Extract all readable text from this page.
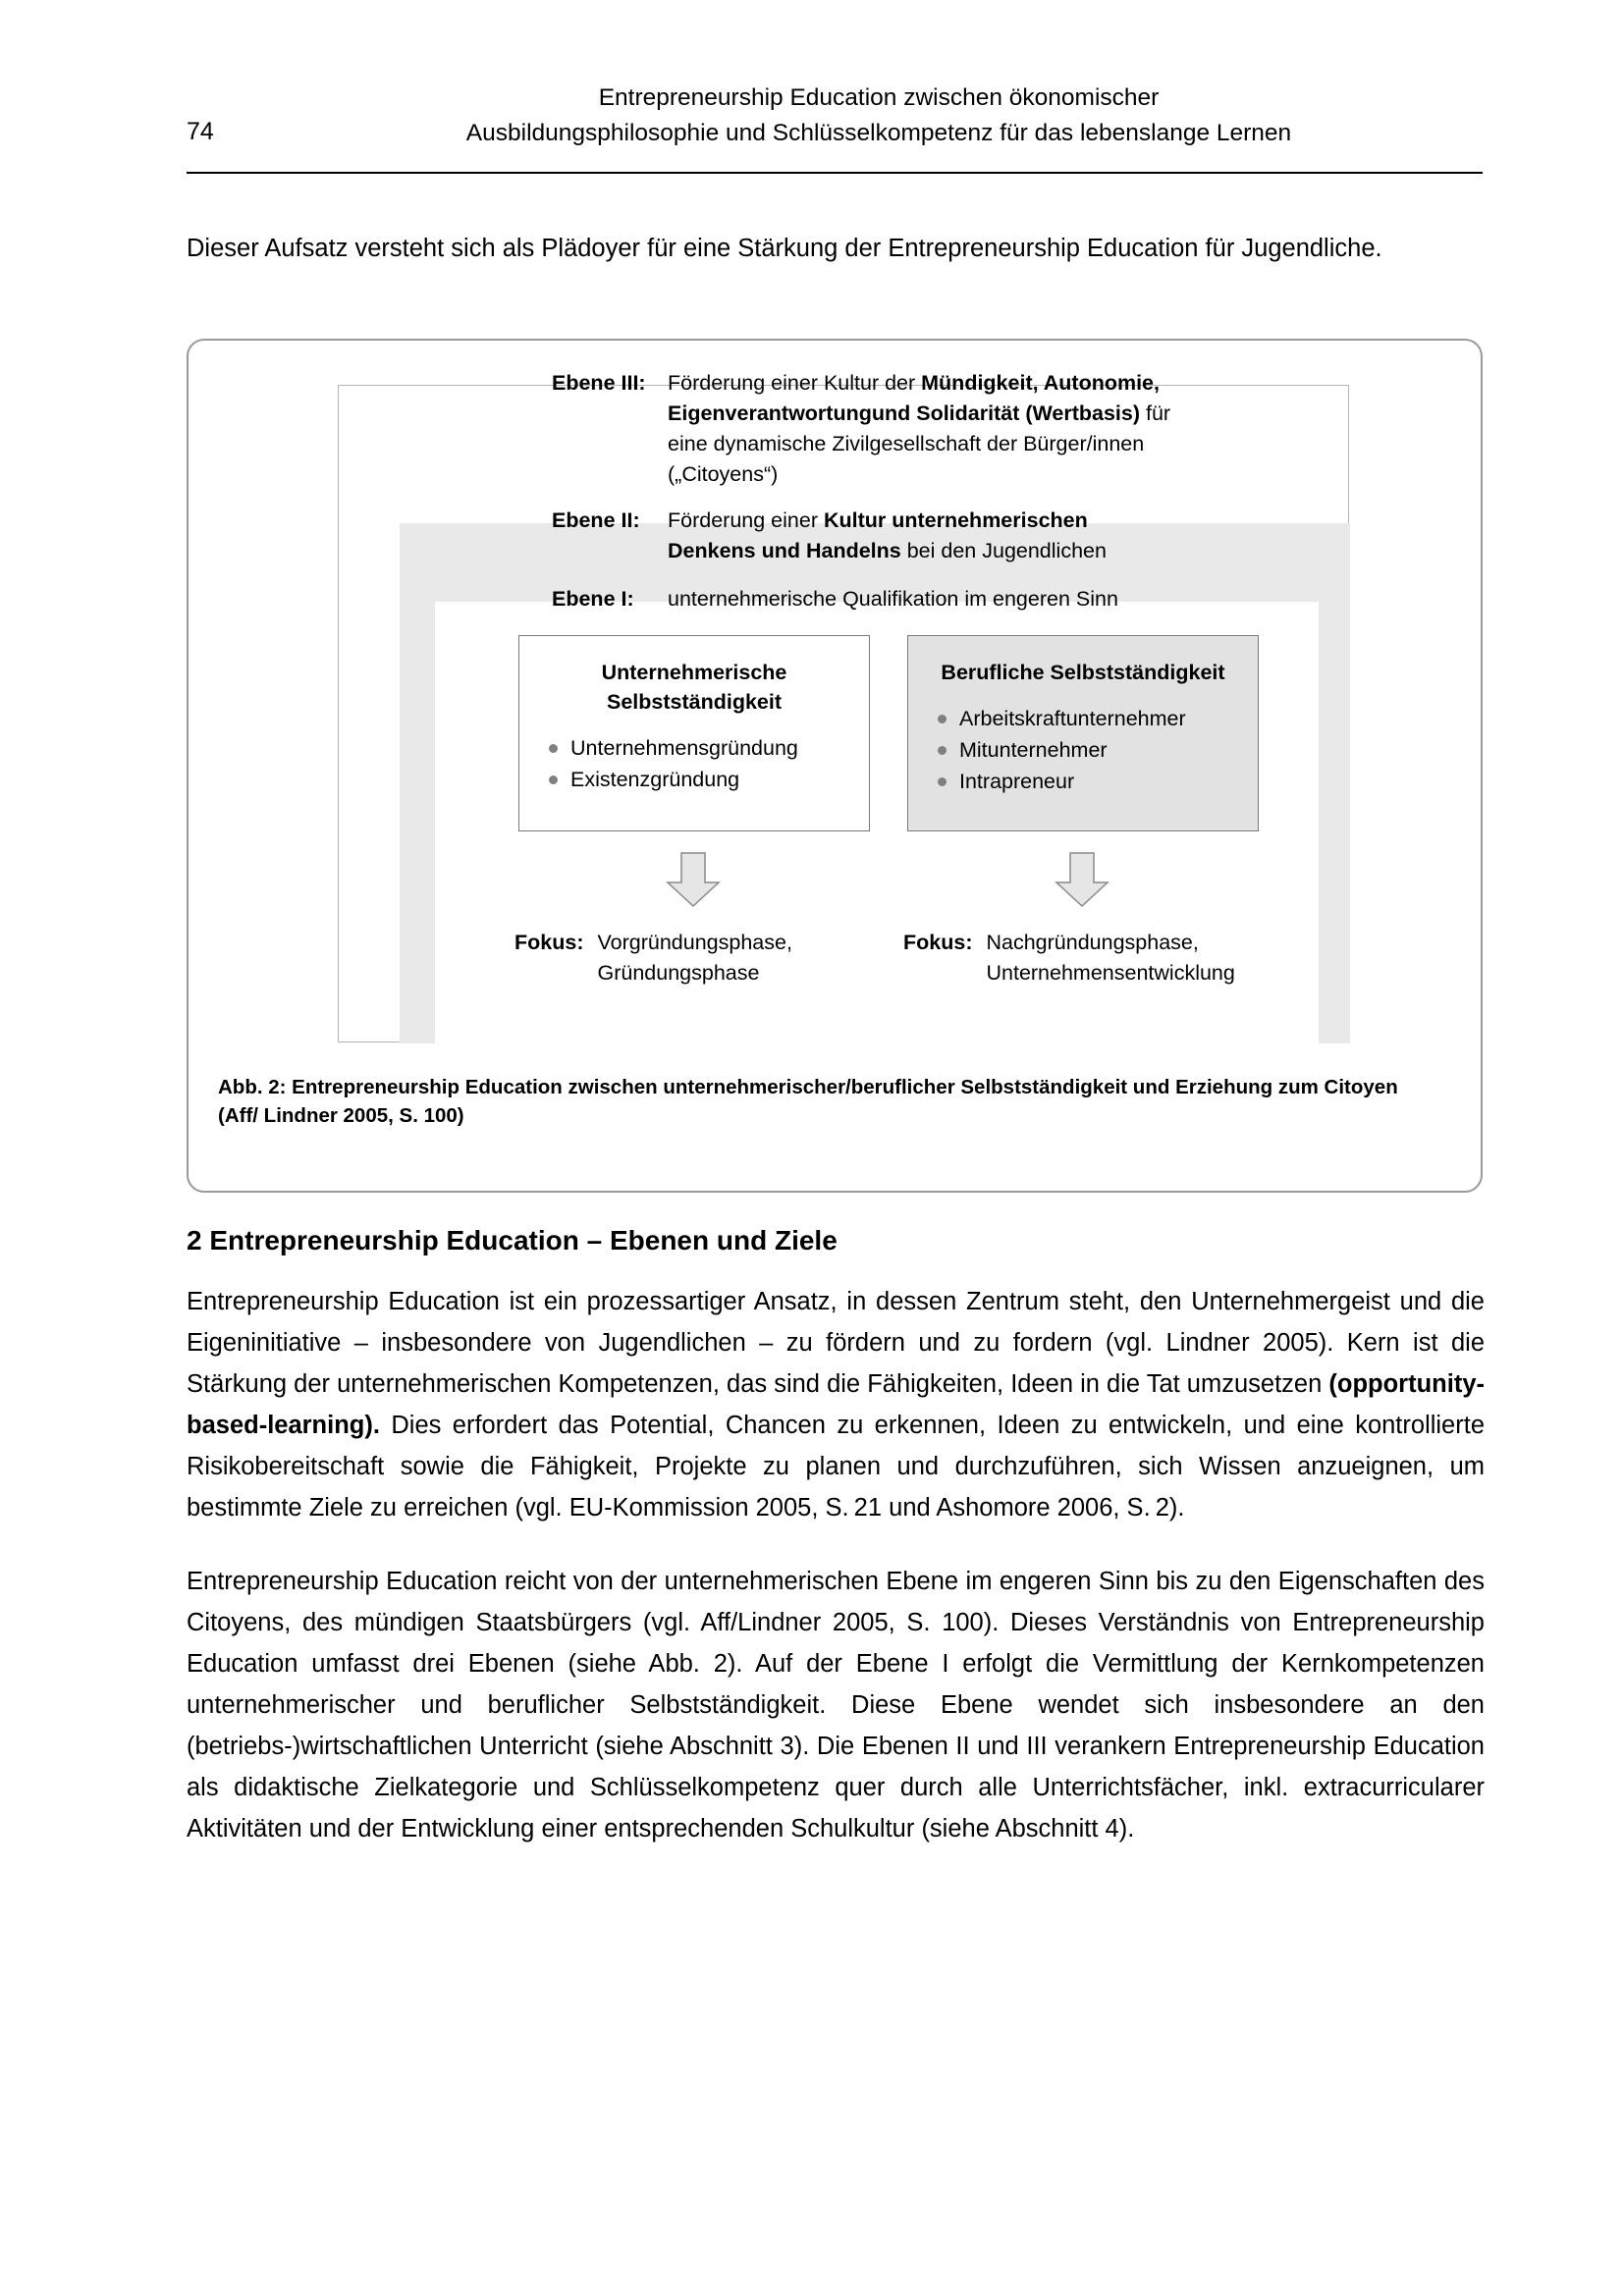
74
Entrepreneurship Education zwischen ökonomischer
Ausbildungsphilosophie und Schlüsselkompetenz für das lebenslange Lernen
Dieser Aufsatz versteht sich als Plädoyer für eine Stärkung der Entrepreneurship Education für Jugendliche.
Ebene III:	Förderung einer Kultur der Mündigkeit, Autonomie, Eigenverantwortungund Solidarität (Wertbasis) für eine dynamische Zivilgesellschaft der Bürger/innen („Citoyens“)
Ebene II:	Förderung einer Kultur unternehmerischen Denkens und Handelns bei den Jugendlichen
Ebene I:	unternehmerische Qualifikation im engeren Sinn
Unternehmerische Selbstständigkeit
Unternehmensgründung
Existenzgründung
Berufliche Selbstständigkeit
Arbeitskraftunternehmer
Mitunternehmer
Intrapreneur
Fokus: Vorgründungsphase, Gründungsphase
Fokus: Nachgründungsphase, Unternehmensentwicklung
Abb. 2: Entrepreneurship Education zwischen unternehmerischer/beruflicher Selbstständigkeit und Erziehung zum Citoyen (Aff/ Lindner 2005, S. 100)
2 Entrepreneurship Education – Ebenen und Ziele
Entrepreneurship Education ist ein prozessartiger Ansatz, in dessen Zentrum steht, den Unternehmergeist und die Eigeninitiative – insbesondere von Jugendlichen – zu fördern und zu fordern (vgl. Lindner 2005). Kern ist die Stärkung der unternehmerischen Kompetenzen, das sind die Fähigkeiten, Ideen in die Tat umzusetzen (opportunity-based-learning). Dies erfordert das Potential, Chancen zu erkennen, Ideen zu entwickeln, und eine kontrollierte Risikobereitschaft sowie die Fähigkeit, Projekte zu planen und durchzuführen, sich Wissen anzueignen, um bestimmte Ziele zu erreichen (vgl. EU-Kommission 2005, S. 21 und Ashomore 2006, S. 2).
Entrepreneurship Education reicht von der unternehmerischen Ebene im engeren Sinn bis zu den Eigenschaften des Citoyens, des mündigen Staatsbürgers (vgl. Aff/Lindner 2005, S. 100). Dieses Verständnis von Entrepreneurship Education umfasst drei Ebenen (siehe Abb. 2). Auf der Ebene I erfolgt die Vermittlung der Kernkompetenzen unternehmerischer und beruflicher Selbstständigkeit. Diese Ebene wendet sich insbesondere an den (betriebs-)wirtschaftlichen Unterricht (siehe Abschnitt 3). Die Ebenen II und III verankern Entrepreneurship Education als didaktische Zielkategorie und Schlüsselkompetenz quer durch alle Unterrichtsfächer, inkl. extracurricularer Aktivitäten und der Entwicklung einer entsprechenden Schulkultur (siehe Abschnitt 4).
